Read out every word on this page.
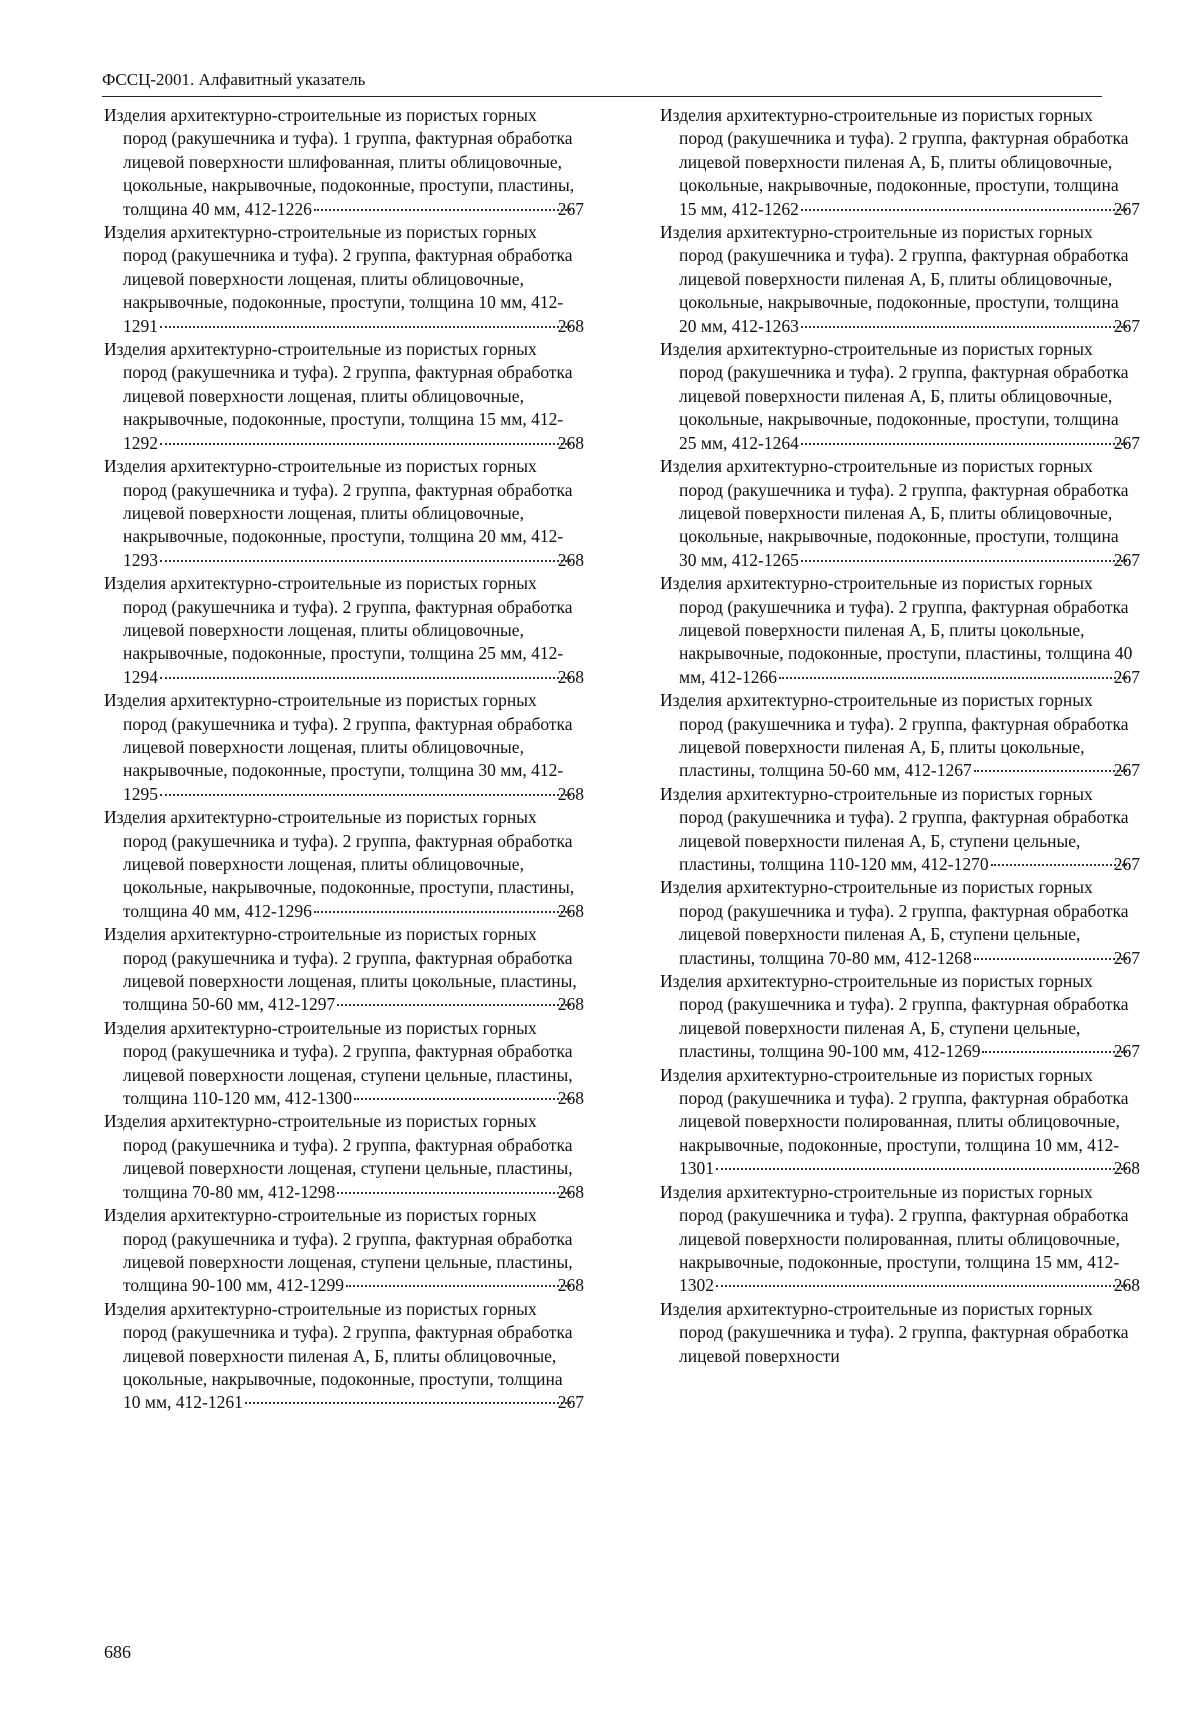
ФССЦ-2001. Алфавитный указатель

Изделия архитектурно-строительные из пористых горных пород (ракушечника и туфа). 1 группа, фактурная обработка лицевой поверхности шлифованная, плиты облицовочные, цокольные, накрывочные, подоконные, проступи, пластины, толщина 40 мм, 412-1226	267

Изделия архитектурно-строительные из пористых горных пород (ракушечника и туфа). 2 группа, фактурная обработка лицевой поверхности лощеная, плиты облицовочные, накрывочные, подоконные, проступи, толщина 10 мм, 412-1291	268

Изделия архитектурно-строительные из пористых горных пород (ракушечника и туфа). 2 группа, фактурная обработка лицевой поверхности лощеная, плиты облицовочные, накрывочные, подоконные, проступи, толщина 15 мм, 412-1292	268

Изделия архитектурно-строительные из пористых горных пород (ракушечника и туфа). 2 группа, фактурная обработка лицевой поверхности лощеная, плиты облицовочные, накрывочные, подоконные, проступи, толщина 20 мм, 412-1293	268

Изделия архитектурно-строительные из пористых горных пород (ракушечника и туфа). 2 группа, фактурная обработка лицевой поверхности лощеная, плиты облицовочные, накрывочные, подоконные, проступи, толщина 25 мм, 412-1294	268

Изделия архитектурно-строительные из пористых горных пород (ракушечника и туфа). 2 группа, фактурная обработка лицевой поверхности лощеная, плиты облицовочные, накрывочные, подоконные, проступи, толщина 30 мм, 412-1295	268

Изделия архитектурно-строительные из пористых горных пород (ракушечника и туфа). 2 группа, фактурная обработка лицевой поверхности лощеная, плиты облицовочные, цокольные, накрывочные, подоконные, проступи, пластины, толщина 40 мм, 412-1296	268

Изделия архитектурно-строительные из пористых горных пород (ракушечника и туфа). 2 группа, фактурная обработка лицевой поверхности лощеная, плиты цокольные, пластины, толщина 50-60 мм, 412-1297	268

Изделия архитектурно-строительные из пористых горных пород (ракушечника и туфа). 2 группа, фактурная обработка лицевой поверхности лощеная, ступени цельные, пластины, толщина 110-120 мм, 412-1300	268

Изделия архитектурно-строительные из пористых горных пород (ракушечника и туфа). 2 группа, фактурная обработка лицевой поверхности лощеная, ступени цельные, пластины, толщина 70-80 мм, 412-1298	268

Изделия архитектурно-строительные из пористых горных пород (ракушечника и туфа). 2 группа, фактурная обработка лицевой поверхности лощеная, ступени цельные, пластины, толщина 90-100 мм, 412-1299	268

Изделия архитектурно-строительные из пористых горных пород (ракушечника и туфа). 2 группа, фактурная обработка лицевой поверхности пиленая А, Б, плиты облицовочные, цокольные, накрывочные, подоконные, проступи, толщина 10 мм, 412-1261	267

Изделия архитектурно-строительные из пористых горных пород (ракушечника и туфа). 2 группа, фактурная обработка лицевой поверхности пиленая А, Б, плиты облицовочные, цокольные, накрывочные, подоконные, проступи, толщина 15 мм, 412-1262	267

Изделия архитектурно-строительные из пористых горных пород (ракушечника и туфа). 2 группа, фактурная обработка лицевой поверхности пиленая А, Б, плиты облицовочные, цокольные, накрывочные, подоконные, проступи, толщина 20 мм, 412-1263	267

Изделия архитектурно-строительные из пористых горных пород (ракушечника и туфа). 2 группа, фактурная обработка лицевой поверхности пиленая А, Б, плиты облицовочные, цокольные, накрывочные, подоконные, проступи, толщина 25 мм, 412-1264	267

Изделия архитектурно-строительные из пористых горных пород (ракушечника и туфа). 2 группа, фактурная обработка лицевой поверхности пиленая А, Б, плиты облицовочные, цокольные, накрывочные, подоконные, проступи, толщина 30 мм, 412-1265	267

Изделия архитектурно-строительные из пористых горных пород (ракушечника и туфа). 2 группа, фактурная обработка лицевой поверхности пиленая А, Б, плиты цокольные, накрывочные, подоконные, проступи, пластины, толщина 40 мм, 412-1266	267

Изделия архитектурно-строительные из пористых горных пород (ракушечника и туфа). 2 группа, фактурная обработка лицевой поверхности пиленая А, Б, плиты цокольные, пластины, толщина 50-60 мм, 412-1267	267

Изделия архитектурно-строительные из пористых горных пород (ракушечника и туфа). 2 группа, фактурная обработка лицевой поверхности пиленая А, Б, ступени цельные, пластины, толщина 110-120 мм, 412-1270	267

Изделия архитектурно-строительные из пористых горных пород (ракушечника и туфа). 2 группа, фактурная обработка лицевой поверхности пиленая А, Б, ступени цельные, пластины, толщина 70-80 мм, 412-1268	267

Изделия архитектурно-строительные из пористых горных пород (ракушечника и туфа). 2 группа, фактурная обработка лицевой поверхности пиленая А, Б, ступени цельные, пластины, толщина 90-100 мм, 412-1269	267

Изделия архитектурно-строительные из пористых горных пород (ракушечника и туфа). 2 группа, фактурная обработка лицевой поверхности полированная, плиты облицовочные, накрывочные, подоконные, проступи, толщина 10 мм, 412-1301	268

Изделия архитектурно-строительные из пористых горных пород (ракушечника и туфа). 2 группа, фактурная обработка лицевой поверхности полированная, плиты облицовочные, накрывочные, подоконные, проступи, толщина 15 мм, 412-1302	268

Изделия архитектурно-строительные из пористых горных пород (ракушечника и туфа). 2 группа, фактурная обработка лицевой поверхности

686
